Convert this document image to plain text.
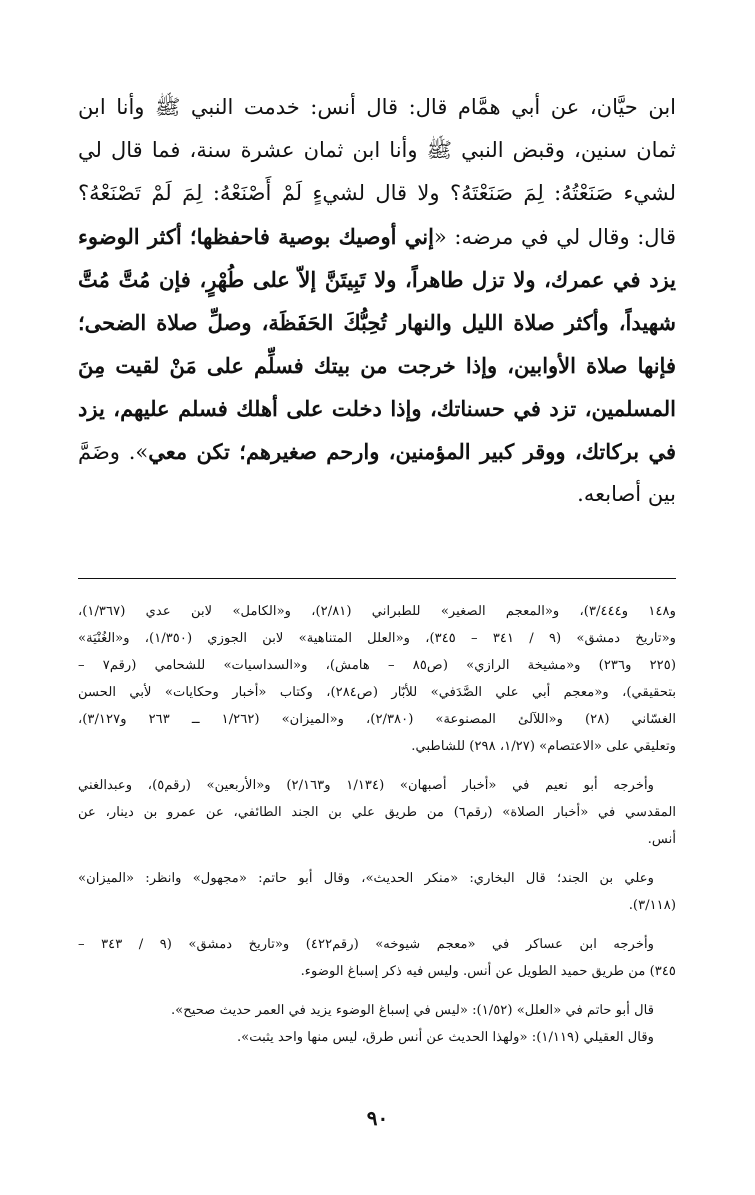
ابن حيَّان، عن أبي همَّام قال: قال أنس: خدمت النبي ﷺ وأنا ابن
ثمان سنين، وقبض النبي ﷺ وأنا ابن ثمان عشرة سنة، فما قال لي
لشيء صَنَعْتُهُ: لِمَ صَنَعْتَهُ؟ ولا قال لشيءٍ لَمْ أَصْنَعْهُ: لِمَ لَمْ تَصْنَعْهُ؟
قال: وقال لي في مرضه: «إني أوصيك بوصية فاحفظها؛ أكثر الوضوء
يزد في عمرك، ولا تزل طاهراً، ولا تَبِيتَنَّ إلاّ على طُهْرٍ، فإن مُتَّ مُتَّ
شهيداً، وأكثر صلاة الليل والنهار تُحِبُّكَ الحَفَظَة، وصلِّ صلاة الضحى؛
فإنها صلاة الأوابين، وإذا خرجت من بيتك فسلِّم على مَنْ لقيت مِنَ
المسلمين، تزد في حسناتك، وإذا دخلت على أهلك فسلم عليهم، يزد
في بركاتك، ووقر كبير المؤمنين، وارحم صغيرهم؛ تكن معي». وضَمَّ
بين أصابعه.
و١٤٨ و٣/٤٤٤)، و«المعجم الصغير» للطبراني (٢/٨١)، و«الكامل» لابن عدي (١/٣٦٧)،
و«تاريخ دمشق» (٩ / ٣٤١ – ٣٤٥)، و«العلل المتناهية» لابن الجوزي (١/٣٥٠)، و«الغُنْيَة»
(٢٢٥ و٢٣٦) و«مشيخة الرازي» (ص٨٥ – هامش)، و«السداسيات» للشحامي (رقم٧ –
بتحقيقي)، و«معجم أبي علي الصَّدَفي» للأبّار (ص٢٨٤)، وكتاب «أخبار وحكايات» لأبي الحسن
الغسّاني (٢٨) و«اللآلئ المصنوعة» (٢/٣٨٠)، و«الميزان» (١/٢٦٢ ــ ٢٦٣ و٣/١٢٧)،
وتعليقي على «الاعتصام» (١/٢٧، ٢٩٨) للشاطبي.
وأخرجه أبو نعيم في «أخبار أصبهان» (١/١٣٤ و٢/١٦٣) و«الأربعين» (رقم٥)، وعبدالغني
المقدسي في «أخبار الصلاة» (رقم٦) من طريق علي بن الجند الطائفي، عن عمرو بن دينار، عن
أنس.
وعلي بن الجند؛ قال البخاري: «منكر الحديث»، وقال أبو حاتم: «مجهول» وانظر: «الميزان»
(٣/١١٨).
وأخرجه ابن عساكر في «معجم شيوخه» (رقم٤٢٢) و«تاريخ دمشق» (٩ / ٣٤٣ –
٣٤٥) من طريق حميد الطويل عن أنس. وليس فيه ذكر إسباغ الوضوء.
قال أبو حاتم في «العلل» (١/٥٢): «ليس في إسباغ الوضوء يزيد في العمر حديث صحيح».
وقال العقيلي (١/١١٩): «ولهذا الحديث عن أنس طرق، ليس منها واحد يثبت».
٩٠
